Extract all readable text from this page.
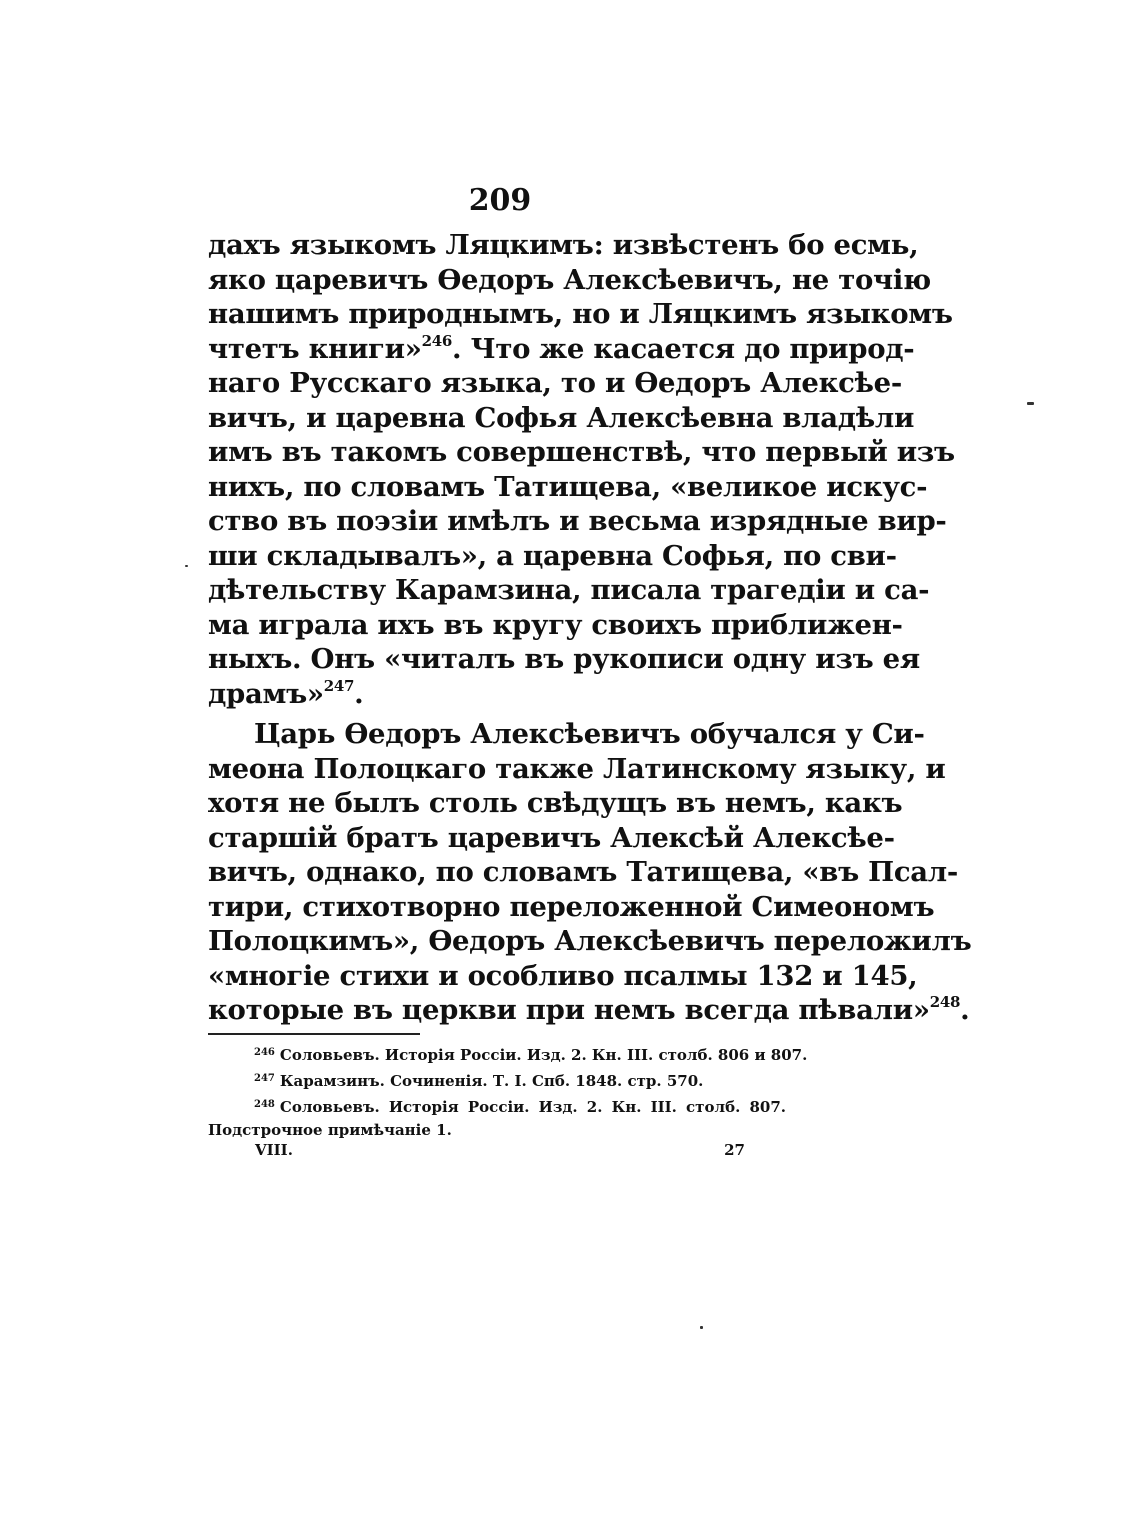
209
дахъ языкомъ Ляцкимъ: извѣстенъ бо есмь,
яко царевичъ Ѳедоръ Алексѣевичъ, не точію
нашимъ природнымъ, но и Ляцкимъ языкомъ
чтетъ книги»$^{246}$. Что же касается до природ-
наго Русскаго языка, то и Ѳедоръ Алексѣе-
вичъ, и царевна Софья Алексѣевна владѣли
имъ въ такомъ совершенствѣ, что первый изъ
нихъ, по словамъ Татищева, «великое искус-
ство въ поэзіи имѣлъ и весьма изрядные вир-
ши складывалъ», а царевна Софья, по сви-
дѣтельству Карамзина, писала трагедіи и са-
ма играла ихъ въ кругу своихъ приближен-
ныхъ. Онъ «читалъ въ рукописи одну изъ ея
драмъ»$^{247}$.
Царь Ѳедоръ Алексѣевичъ обучался у Си-
меона Полоцкаго также Латинскому языку, и
хотя не былъ столь свѣдущъ въ немъ, какъ
старшій братъ царевичъ Алексѣй Алексѣе-
вичъ, однако, по словамъ Татищева, «въ Псал-
тири, стихотворно переложенной Симеономъ
Полоцкимъ», Ѳедоръ Алексѣевичъ переложилъ
«многіе стихи и особливо псалмы 132 и 145,
которые въ церкви при немъ всегда пѣвали»$^{248}$.
$^{246}$ Соловьевъ. Исторія Россіи. Изд. 2. Кн. III. столб. 806 и 807.
$^{247}$ Карамзинъ. Сочиненія. Т. I. Спб. 1848. стр. 570.
$^{248}$ Соловьевъ. Исторія Россіи. Изд. 2. Кн. III. столб. 807.
Подстрочное примѣчаніе 1.
VIII.	27
